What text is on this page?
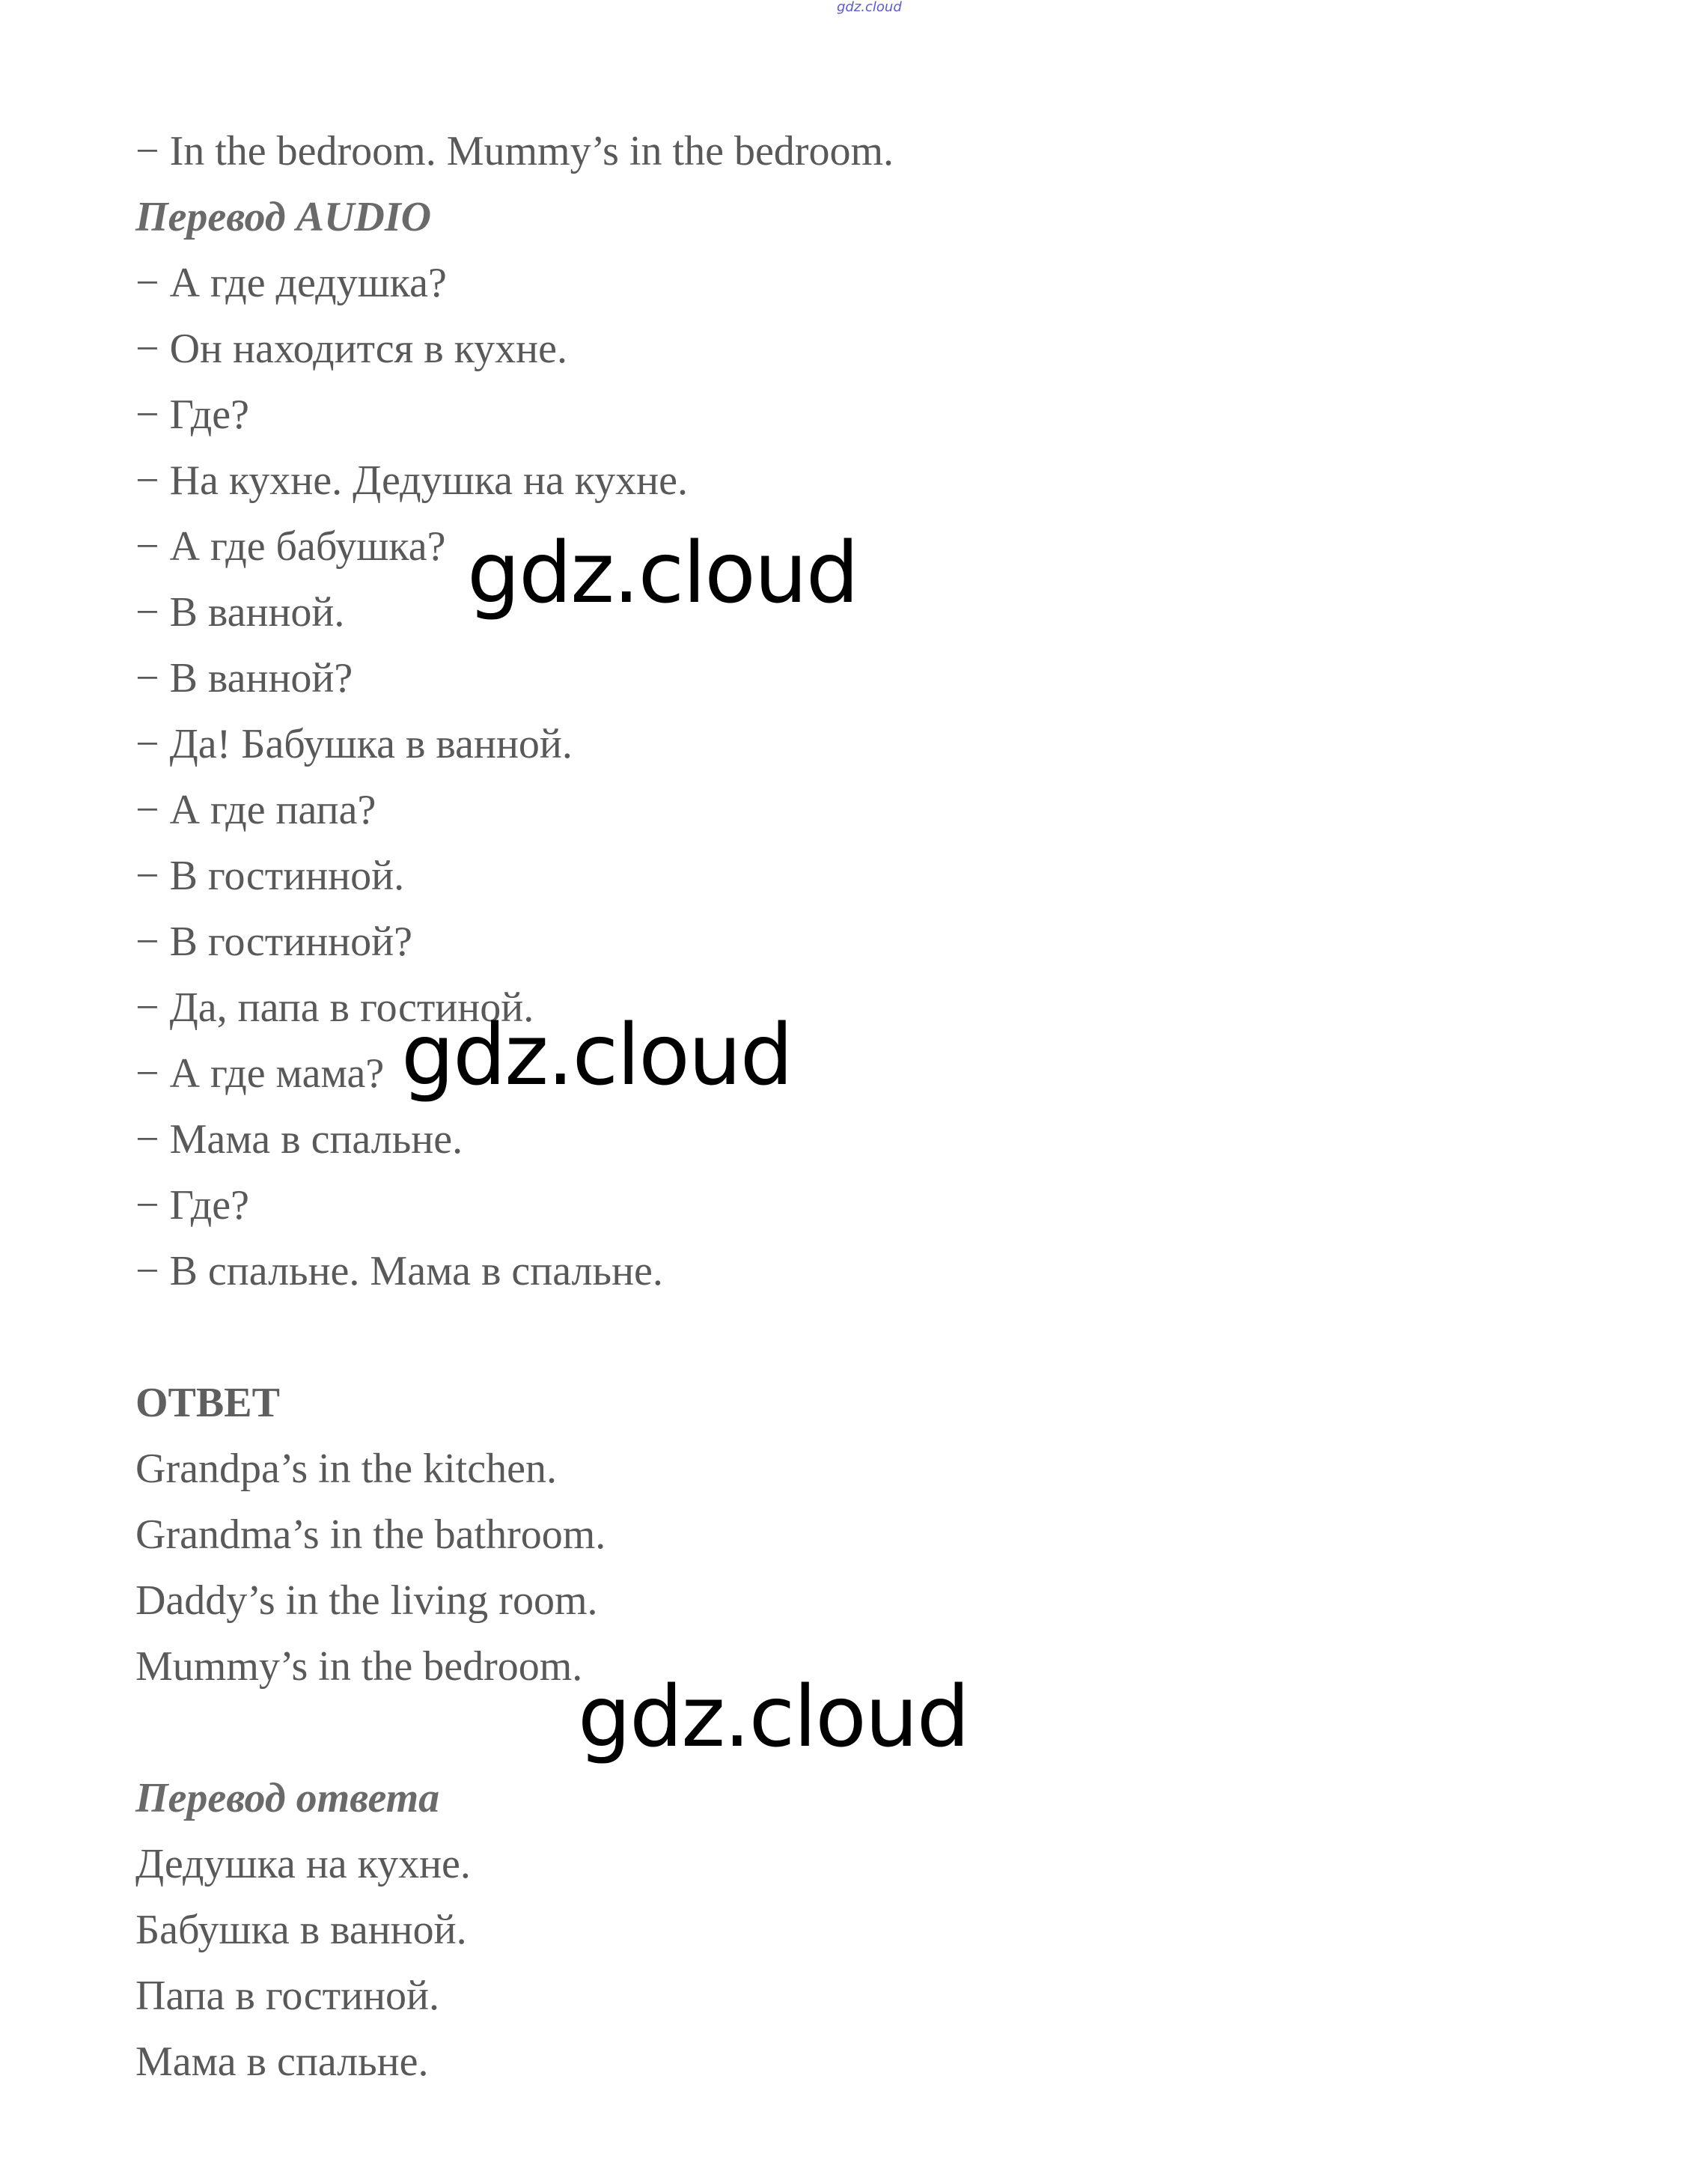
gdz.cloud
− In the bedroom. Mummy’s in the bedroom.
Перевод AUDIO
− А где дедушка?
− Он находится в кухне.
− Где?
− На кухне. Дедушка на кухне.
− А где бабушка?
− В ванной.
− В ванной?
− Да! Бабушка в ванной.
− А где папа?
− В гостинной.
− В гостинной?
− Да, папа в гостиной.
− А где мама?
− Мама в спальне.
− Где?
− В спальне. Мама в спальне.
ОТВЕТ
Grandpa’s in the kitchen.
Grandma’s in the bathroom.
Daddy’s in the living room.
Mummy’s in the bedroom.
Перевод ответа
Дедушка на кухне.
Бабушка в ванной.
Папа в гостиной.
Мама в спальне.
gdz.cloud
gdz.cloud
gdz.cloud
